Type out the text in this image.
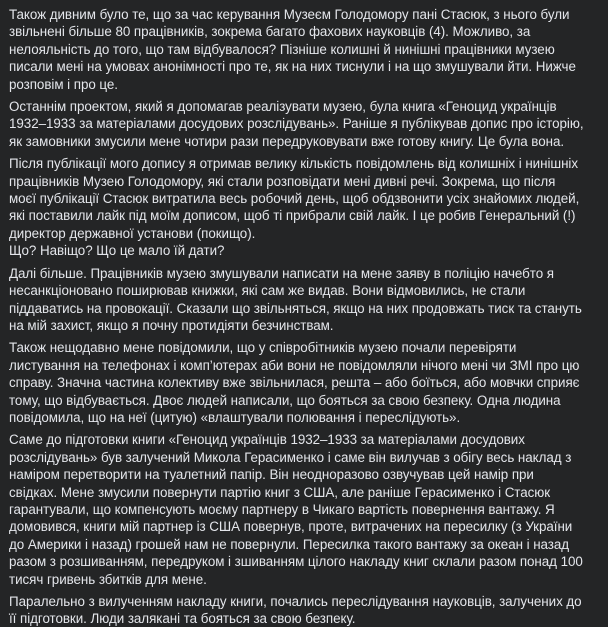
Також дивним було те, що за час керування Музеєм Голодомору пані Стасюк, з нього були
звільнені більше 80 працівників, зокрема багато фахових науковців (4). Можливо, за
нелояльність до того, що там відбувалося? Пізніше колишні й нинішні працівники музею
писали мені на умовах анонімності про те, як на них тиснули і на що змушували йти. Нижче
розповім і про це.
Останнім проектом, який я допомагав реалізувати музею, була книга «Геноцид українців
1932–1933 за матеріалами досудових розслідувань». Раніше я публікував допис про історію,
як замовники змусили мене чотири рази передруковувати вже готову книгу. Це була вона.
Після публікації мого допису я отримав велику кількість повідомлень від колишніх і нинішніх
працівників Музею Голодомору, які стали розповідати мені дивні речі. Зокрема, що після
моєї публікації Стасюк витратила весь робочий день, щоб обдзвонити усіх знайомих людей,
які поставили лайк під моїм дописом, щоб ті прибрали свій лайк. І це робив Генеральний (!)
директор державної установи (покищо).
Що? Навіщо? Що це мало їй дати?
Далі більше. Працівників музею змушували написати на мене заяву в поліцію начебто я
несанкціоновано поширював книжки, які сам же видав. Вони відмовились, не стали
піддаватись на провокації. Сказали що звільняться, якщо на них продовжать тиск та стануть
на мій захист, якщо я почну протидіяти безчинствам.
Також нещодавно мене повідомили, що у співробітників музею почали перевіряти
листування на телефонах і комп’ютерах аби вони не повідомляли нічого мені чи ЗМІ про цю
справу. Значна частина колективу вже звільнилася, решта – або боїться, або мовчки сприяє
тому, що відбувається. Двоє людей написали, що бояться за свою безпеку. Одна людина
повідомила, що на неї (цитую) «влаштували полювання і переслідують».
Саме до підготовки книги «Геноцид українців 1932–1933 за матеріалами досудових
розслідувань» був залучений Микола Герасименко і саме він вилучав з обігу весь наклад з
наміром перетворити на туалетний папір. Він неодноразово озвучував цей намір при
свідках. Мене змусили повернути партію книг з США, але раніше Герасименко і Стасюк
гарантували, що компенсують моєму партнеру в Чикаго вартість повернення вантажу. Я
домовився, книги мій партнер із США повернув, проте, витрачених на пересилку (з України
до Америки і назад) грошей нам не повернули. Пересилка такого вантажу за океан і назад
разом з розшиванням, передруком і зшиванням цілого накладу книг склали разом понад 100
тисяч гривень збитків для мене.
Паралельно з вилученням накладу книги, почались переслідування науковців, залучених до
її підготовки. Люди залякані та бояться за свою безпеку.
